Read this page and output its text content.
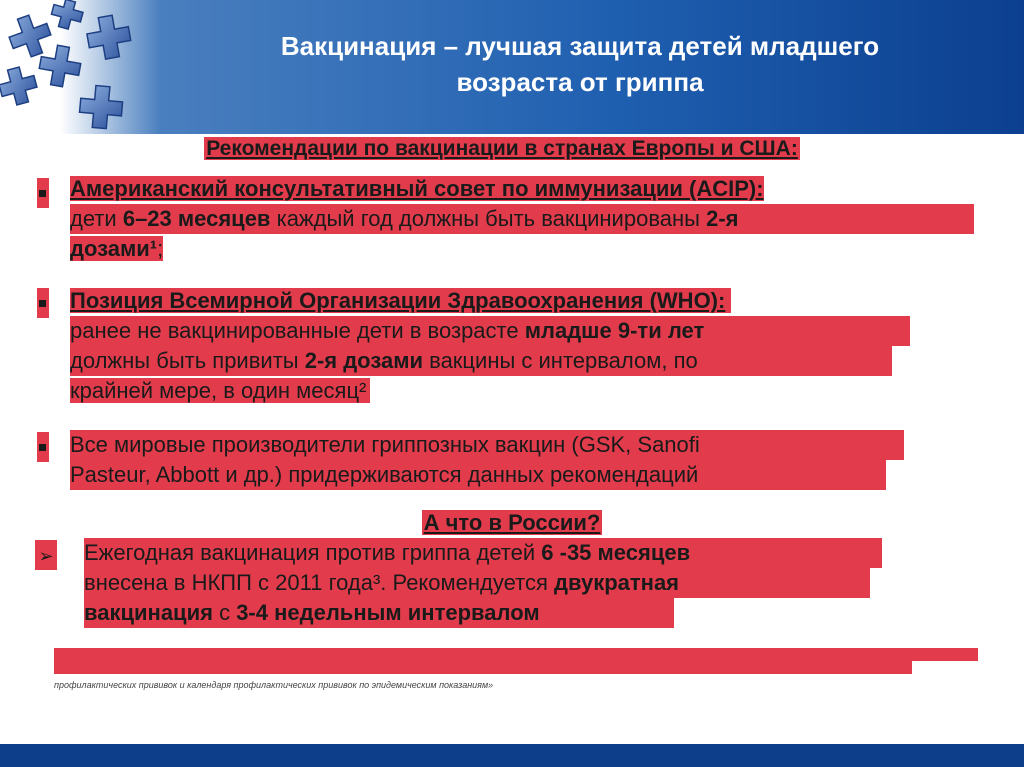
Вакцинация – лучшая защита детей младшего
возраста от гриппа
Рекомендации по вакцинации в странах Европы и США:
Американский консультативный совет по иммунизации (ACIP):
дети 6–23 месяцев каждый год должны быть вакцинированы 2-я
дозами¹;
Позиция Всемирной Организации Здравоохранения (WHO):
ранее не вакцинированные дети в возрасте младше 9-ти лет
должны быть привиты 2-я дозами вакцины с интервалом, по
крайней мере, в один месяц²
Все мировые производители гриппозных вакцин (GSK, Sanofi
Pasteur, Abbott и др.) придерживаются данных рекомендаций
А что в России?
➢ Ежегодная вакцинация против гриппа детей 6 -35 месяцев
внесена в НКПП с 2011 года³. Рекомендуется двукратная
вакцинация с 3-4 недельным интервалом
профилактических прививок и календаря профилактических прививок по эпидемическим показаниям»
